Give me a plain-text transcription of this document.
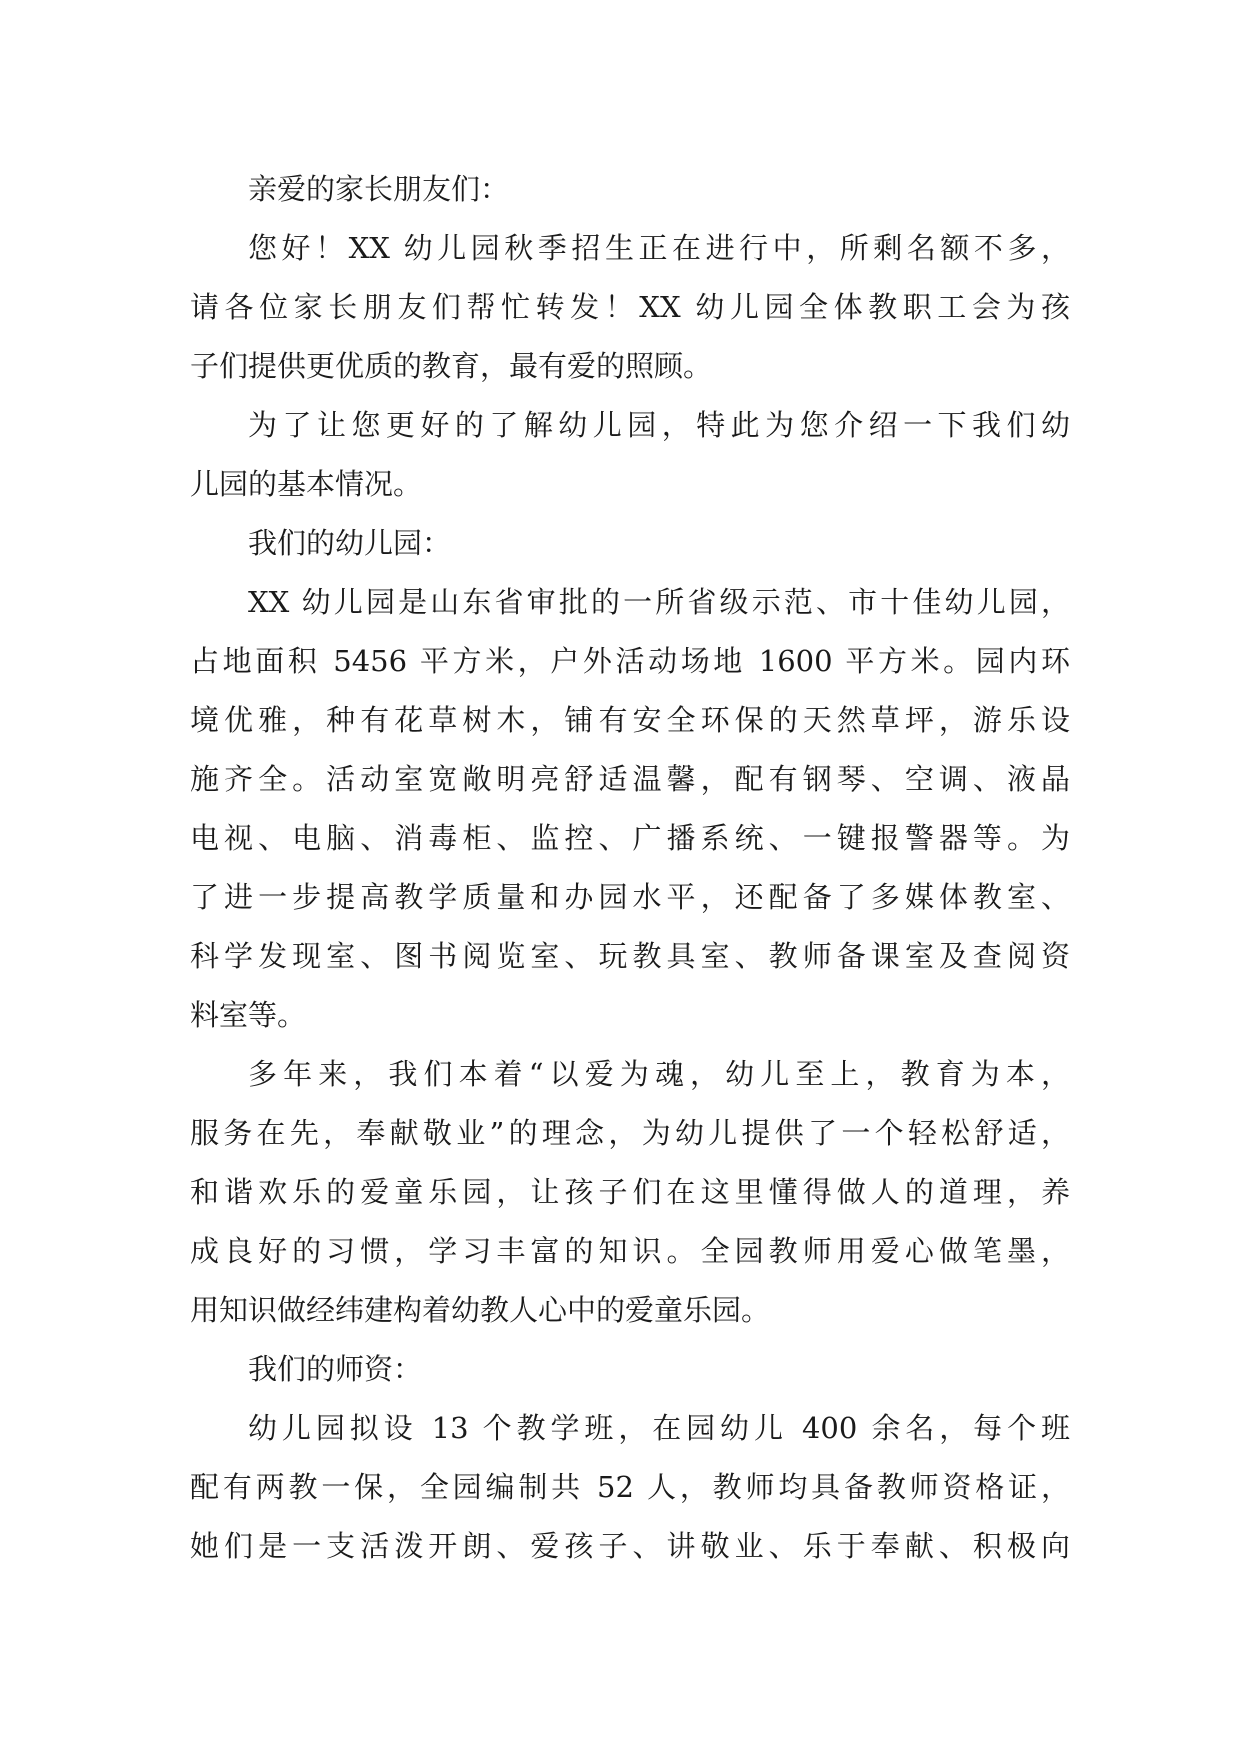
亲爱的家长朋友们：
您好！XX 幼儿园秋季招生正在进行中，所剩名额不多，
请各位家长朋友们帮忙转发！XX 幼儿园全体教职工会为孩
子们提供更优质的教育，最有爱的照顾。
为了让您更好的了解幼儿园，特此为您介绍一下我们幼
儿园的基本情况。
我们的幼儿园：
XX 幼儿园是山东省审批的一所省级示范、市十佳幼儿园，
占地面积 5456 平方米，户外活动场地 1600 平方米。园内环
境优雅，种有花草树木，铺有安全环保的天然草坪，游乐设
施齐全。活动室宽敞明亮舒适温馨，配有钢琴、空调、液晶
电视、电脑、消毒柜、监控、广播系统、一键报警器等。为
了进一步提高教学质量和办园水平，还配备了多媒体教室、
科学发现室、图书阅览室、玩教具室、教师备课室及查阅资
料室等。
多年来，我们本着“以爱为魂，幼儿至上，教育为本，
服务在先，奉献敬业”的理念，为幼儿提供了一个轻松舒适，
和谐欢乐的爱童乐园，让孩子们在这里懂得做人的道理，养
成良好的习惯，学习丰富的知识。全园教师用爱心做笔墨，
用知识做经纬建构着幼教人心中的爱童乐园。
我们的师资：
幼儿园拟设 13 个教学班，在园幼儿 400 余名，每个班
配有两教一保，全园编制共 52 人，教师均具备教师资格证，
她们是一支活泼开朗、爱孩子、讲敬业、乐于奉献、积极向
